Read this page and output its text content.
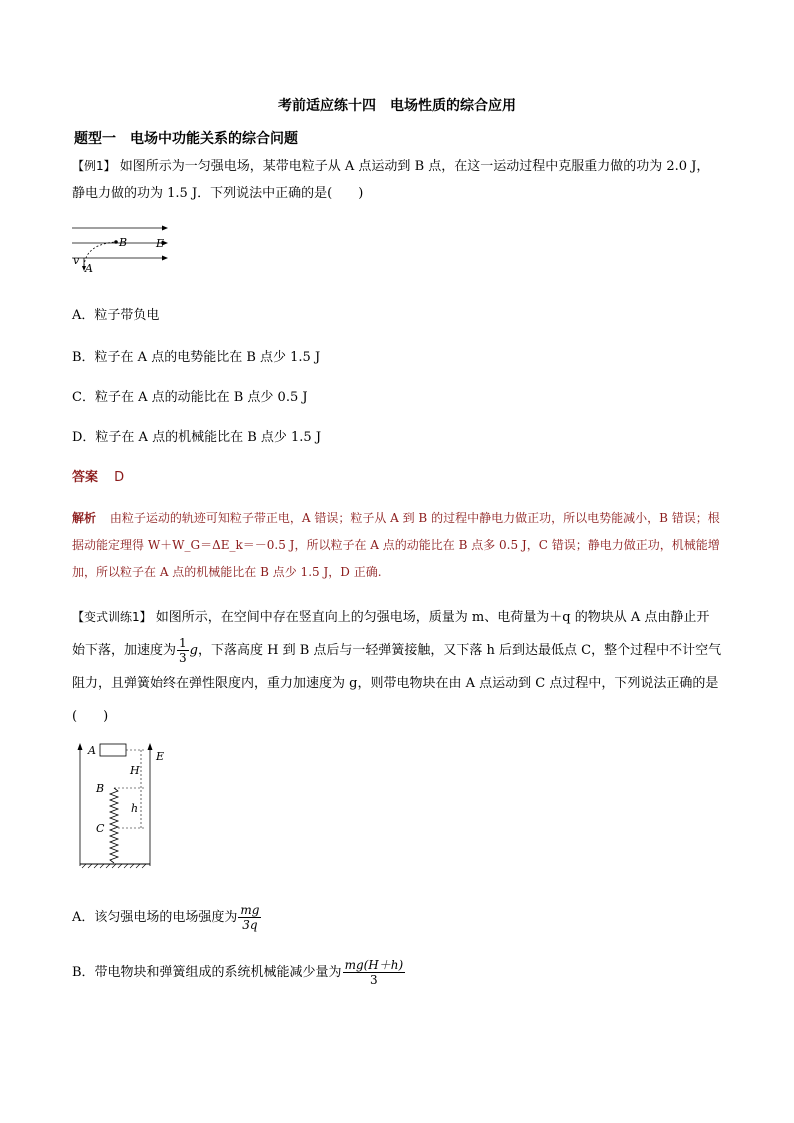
考前适应练十四　电场性质的综合应用
题型一　电场中功能关系的综合问题
【例1】 如图所示为一匀强电场，某带电粒子从 A 点运动到 B 点，在这一运动过程中克服重力做的功为 2.0 J，静电力做的功为 1.5 J．下列说法中正确的是(　　)
B	E
v
A
A．粒子带负电
B．粒子在 A 点的电势能比在 B 点少 1.5 J
C．粒子在 A 点的动能比在 B 点少 0.5 J
D．粒子在 A 点的机械能比在 B 点少 1.5 J
答案 D
解析 由粒子运动的轨迹可知粒子带正电，A 错误；粒子从 A 到 B 的过程中静电力做正功，所以电势能减小，B 错误；根据动能定理得 W＋W_G＝ΔE_k＝－0.5 J，所以粒子在 A 点的动能比在 B 点多 0.5 J，C 错误；静电力做正功，机械能增加，所以粒子在 A 点的机械能比在 B 点少 1.5 J，D 正确.
【变式训练1】 如图所示，在空间中存在竖直向上的匀强电场，质量为 m、电荷量为＋q 的物块从 A 点由静止开始下落，加速度为 $\frac{1}{3}$ g，下落高度 H 到 B 点后与一轻弹簧接触，又下落 h 后到达最低点 C，整个过程中不计空气阻力，且弹簧始终在弹性限度内，重力加速度为 g，则带电物块在由 A 点运动到 C 点过程中，下列说法正确的是(　　)
A	E
H
B
h
C
A．该匀强电场的电场强度为 $\frac{mg}{3q}$
B．带电物块和弹簧组成的系统机械能减少量为 $\frac{mg(H+h)}{3}$
